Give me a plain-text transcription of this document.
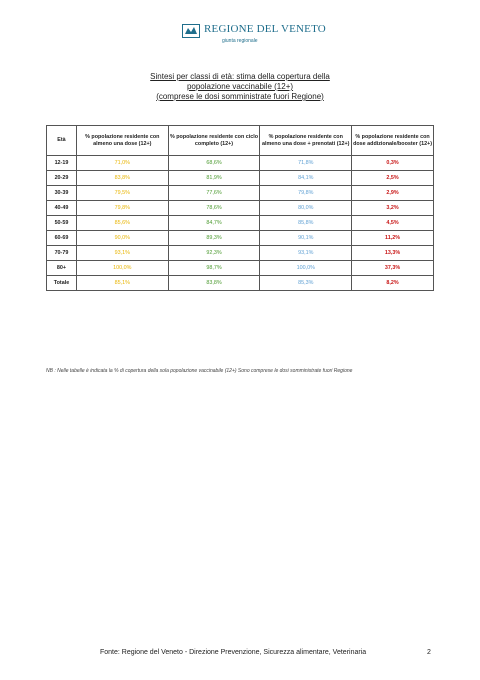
REGIONE DEL VENETO
giunta regionale
Sintesi per classi di età: stima della copertura della
popolazione vaccinabile (12+)
(comprese le dosi somministrate fuori Regione)
Età	% popolazione residente con almeno una dose (12+)	% popolazione residente con ciclo completo (12+)	% popolazione residente con almeno una dose + prenotati (12+)	% popolazione residente con dose addizionale/booster (12+)
12-19	71,0%	68,6%	71,8%	0,3%
20-29	83,8%	81,9%	84,1%	2,5%
30-39	79,5%	77,6%	79,8%	2,9%
40-49	79,8%	78,6%	80,0%	3,2%
50-59	85,6%	84,7%	85,8%	4,5%
60-69	90,0%	89,3%	90,1%	11,2%
70-79	93,1%	92,3%	93,1%	13,3%
80+	100,0%	98,7%	100,0%	37,3%
Totale	85,1%	83,8%	85,3%	8,2%
NB : Nelle tabelle è indicata la % di copertura della sola popolazione vaccinabile (12+) Sono comprese le dosi somministrate fuori Regione
Fonte: Regione del Veneto - Direzione Prevenzione, Sicurezza alimentare, Veterinaria	2
